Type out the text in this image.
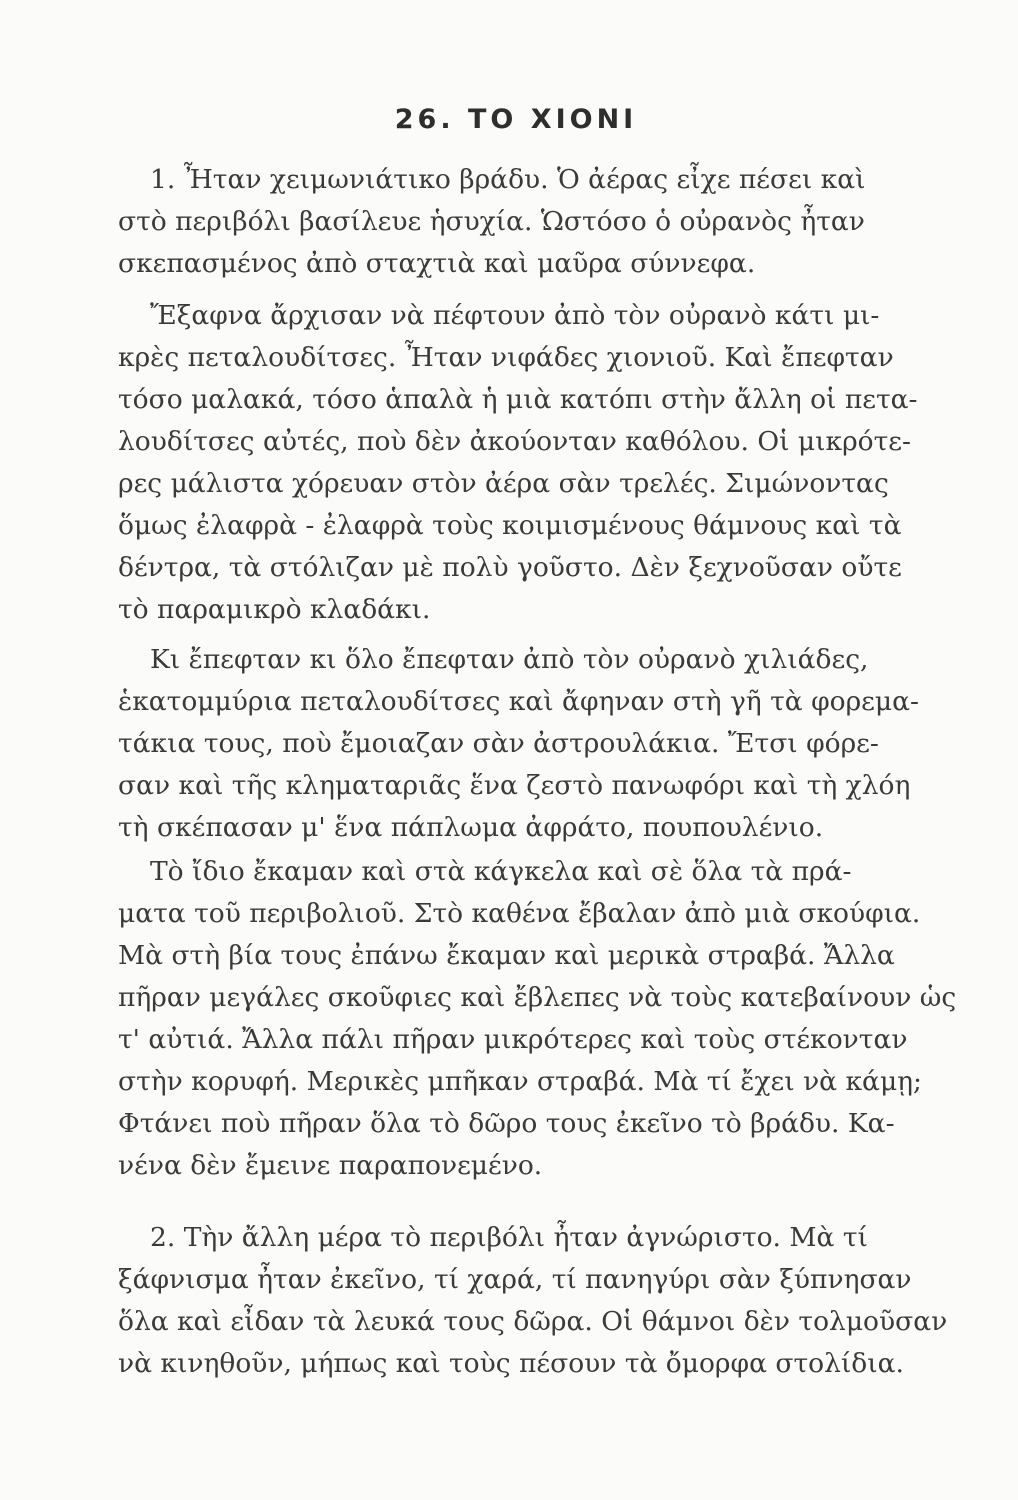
26. ΤΟ ΧΙΟΝΙ
1. Ἦταν χειμωνιάτικο βράδυ. Ὁ ἀέρας εἶχε πέσει καὶ
στὸ περιβόλι βασίλευε ἡσυχία. Ὡστόσο ὁ οὐρανὸς ἦταν
σκεπασμένος ἀπὸ σταχτιὰ καὶ μαῦρα σύννεφα.
Ἔξαφνα ἄρχισαν νὰ πέφτουν ἀπὸ τὸν οὐρανὸ κάτι μι-
κρὲς πεταλουδίτσες. Ἦταν νιφάδες χιονιοῦ. Καὶ ἔπεφταν
τόσο μαλακά, τόσο ἁπαλὰ ἡ μιὰ κατόπι στὴν ἄλλη οἱ πετα-
λουδίτσες αὐτές, ποὺ δὲν ἀκούονταν καθόλου. Οἱ μικρότε-
ρες μάλιστα χόρευαν στὸν ἀέρα σὰν τρελές. Σιμώνοντας
ὅμως ἐλαφρὰ - ἐλαφρὰ τοὺς κοιμισμένους θάμνους καὶ τὰ
δέντρα, τὰ στόλιζαν μὲ πολὺ γοῦστο. Δὲν ξεχνοῦσαν οὔτε
τὸ παραμικρὸ κλαδάκι.
Κι ἔπεφταν κι ὅλο ἔπεφταν ἀπὸ τὸν οὐρανὸ χιλιάδες,
ἑκατομμύρια πεταλουδίτσες καὶ ἄφηναν στὴ γῆ τὰ φορεμα-
τάκια τους, ποὺ ἔμοιαζαν σὰν ἀστρουλάκια. Ἔτσι φόρε-
σαν καὶ τῆς κληματαριᾶς ἕνα ζεστὸ πανωφόρι καὶ τὴ χλόη
τὴ σκέπασαν μ' ἕνα πάπλωμα ἀφράτο, πουπουλένιο.
Τὸ ἴδιο ἔκαμαν καὶ στὰ κάγκελα καὶ σὲ ὅλα τὰ πρά-
ματα τοῦ περιβολιοῦ. Στὸ καθένα ἔβαλαν ἀπὸ μιὰ σκούφια.
Μὰ στὴ βία τους ἐπάνω ἔκαμαν καὶ μερικὰ στραβά. Ἄλλα
πῆραν μεγάλες σκοῦφιες καὶ ἔβλεπες νὰ τοὺς κατεβαίνουν ὡς
τ' αὐτιά. Ἄλλα πάλι πῆραν μικρότερες καὶ τοὺς στέκονταν
στὴν κορυφή. Μερικὲς μπῆκαν στραβά. Μὰ τί ἔχει νὰ κάμῃ;
Φτάνει ποὺ πῆραν ὅλα τὸ δῶρο τους ἐκεῖνο τὸ βράδυ. Κα-
νένα δὲν ἔμεινε παραπονεμένο.
2. Τὴν ἄλλη μέρα τὸ περιβόλι ἦταν ἀγνώριστο. Μὰ τί
ξάφνισμα ἦταν ἐκεῖνο, τί χαρά, τί πανηγύρι σὰν ξύπνησαν
ὅλα καὶ εἶδαν τὰ λευκά τους δῶρα. Οἱ θάμνοι δὲν τολμοῦσαν
νὰ κινηθοῦν, μήπως καὶ τοὺς πέσουν τὰ ὄμορφα στολίδια.
